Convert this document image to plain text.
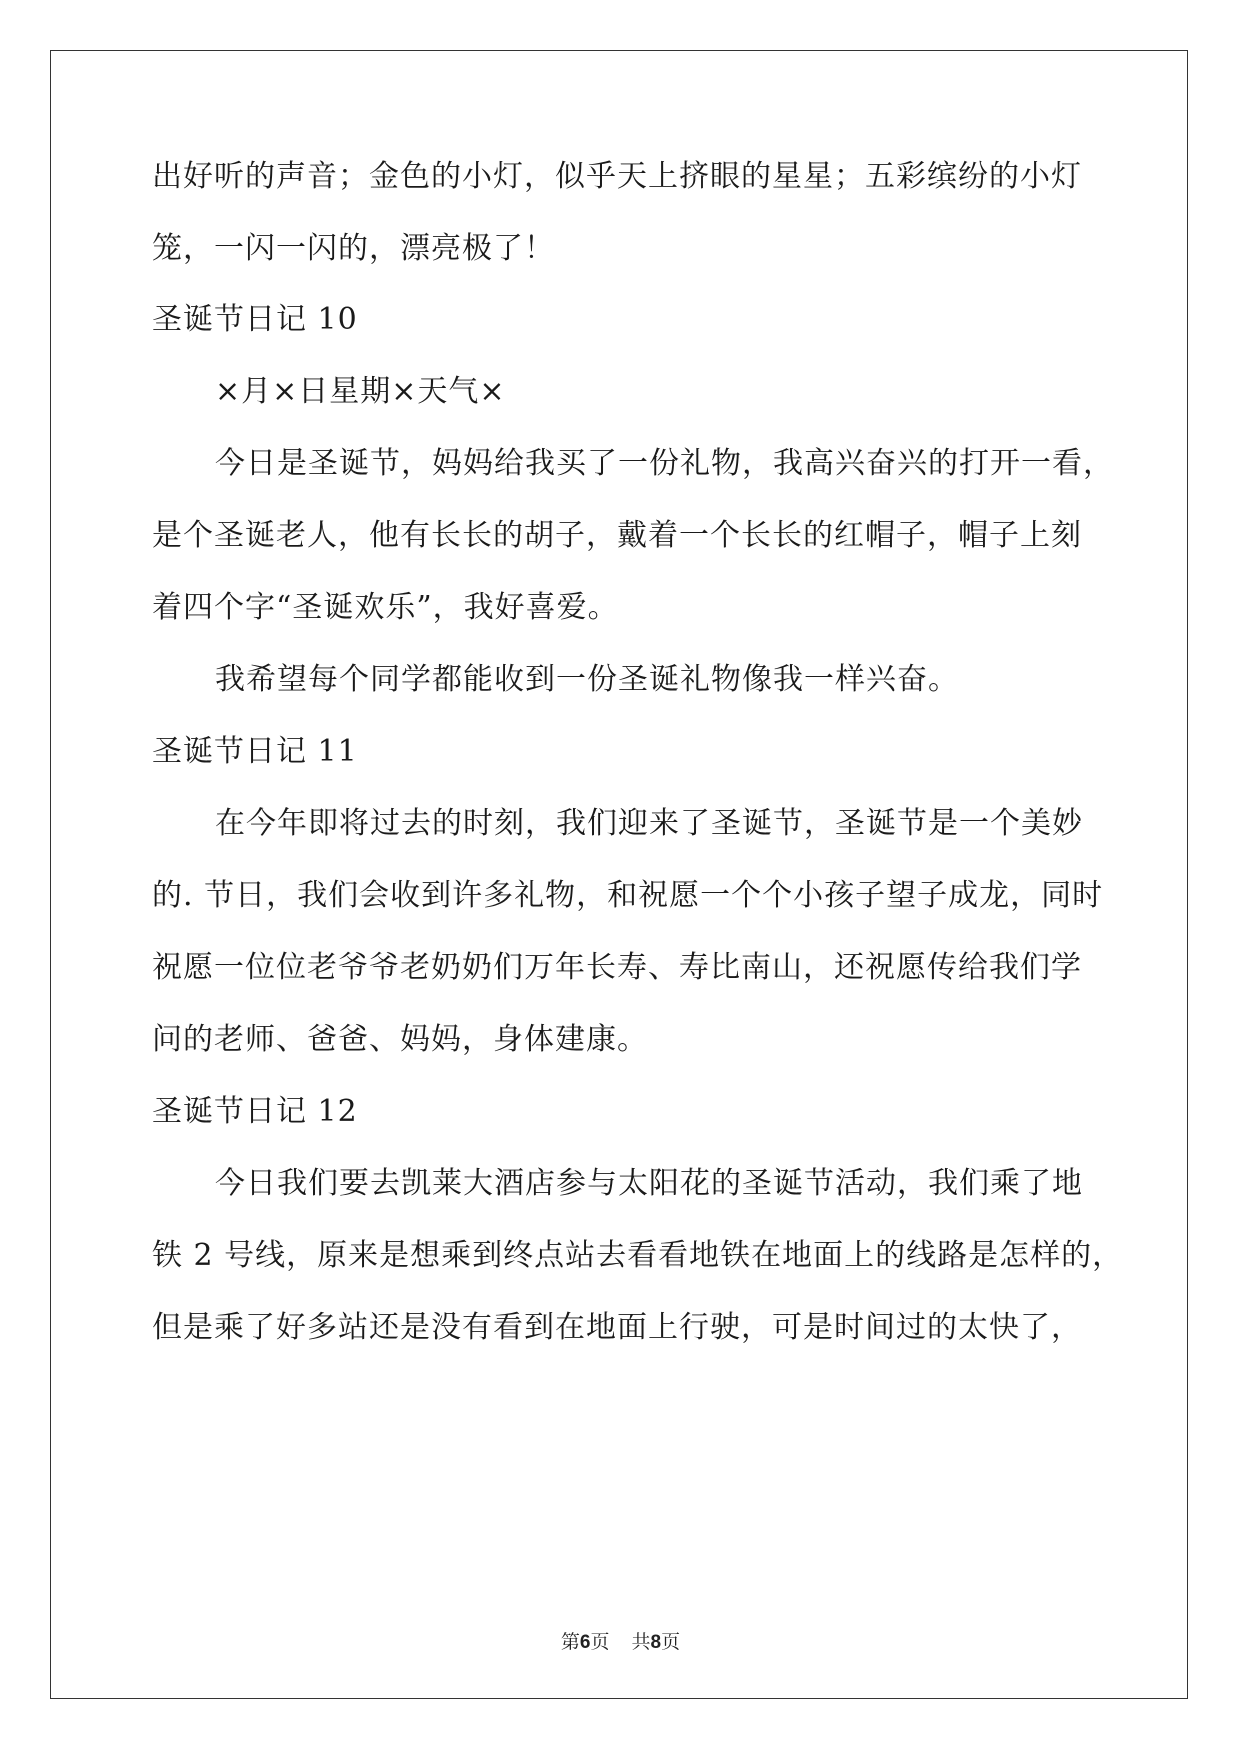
出好听的声音；金色的小灯，似乎天上挤眼的星星；五彩缤纷的小灯
笼，一闪一闪的，漂亮极了！
圣诞节日记 10
×月×日星期×天气×
今日是圣诞节，妈妈给我买了一份礼物，我高兴奋兴的打开一看，
是个圣诞老人，他有长长的胡子，戴着一个长长的红帽子，帽子上刻
着四个字“圣诞欢乐”，我好喜爱。
我希望每个同学都能收到一份圣诞礼物像我一样兴奋。
圣诞节日记 11
在今年即将过去的时刻，我们迎来了圣诞节，圣诞节是一个美妙
的. 节日，我们会收到许多礼物，和祝愿一个个小孩子望子成龙，同时
祝愿一位位老爷爷老奶奶们万年长寿、寿比南山，还祝愿传给我们学
问的老师、爸爸、妈妈，身体建康。
圣诞节日记 12
今日我们要去凯莱大酒店参与太阳花的圣诞节活动，我们乘了地
铁 2 号线，原来是想乘到终点站去看看地铁在地面上的线路是怎样的，
但是乘了好多站还是没有看到在地面上行驶，可是时间过的太快了，
第6页 共8页
